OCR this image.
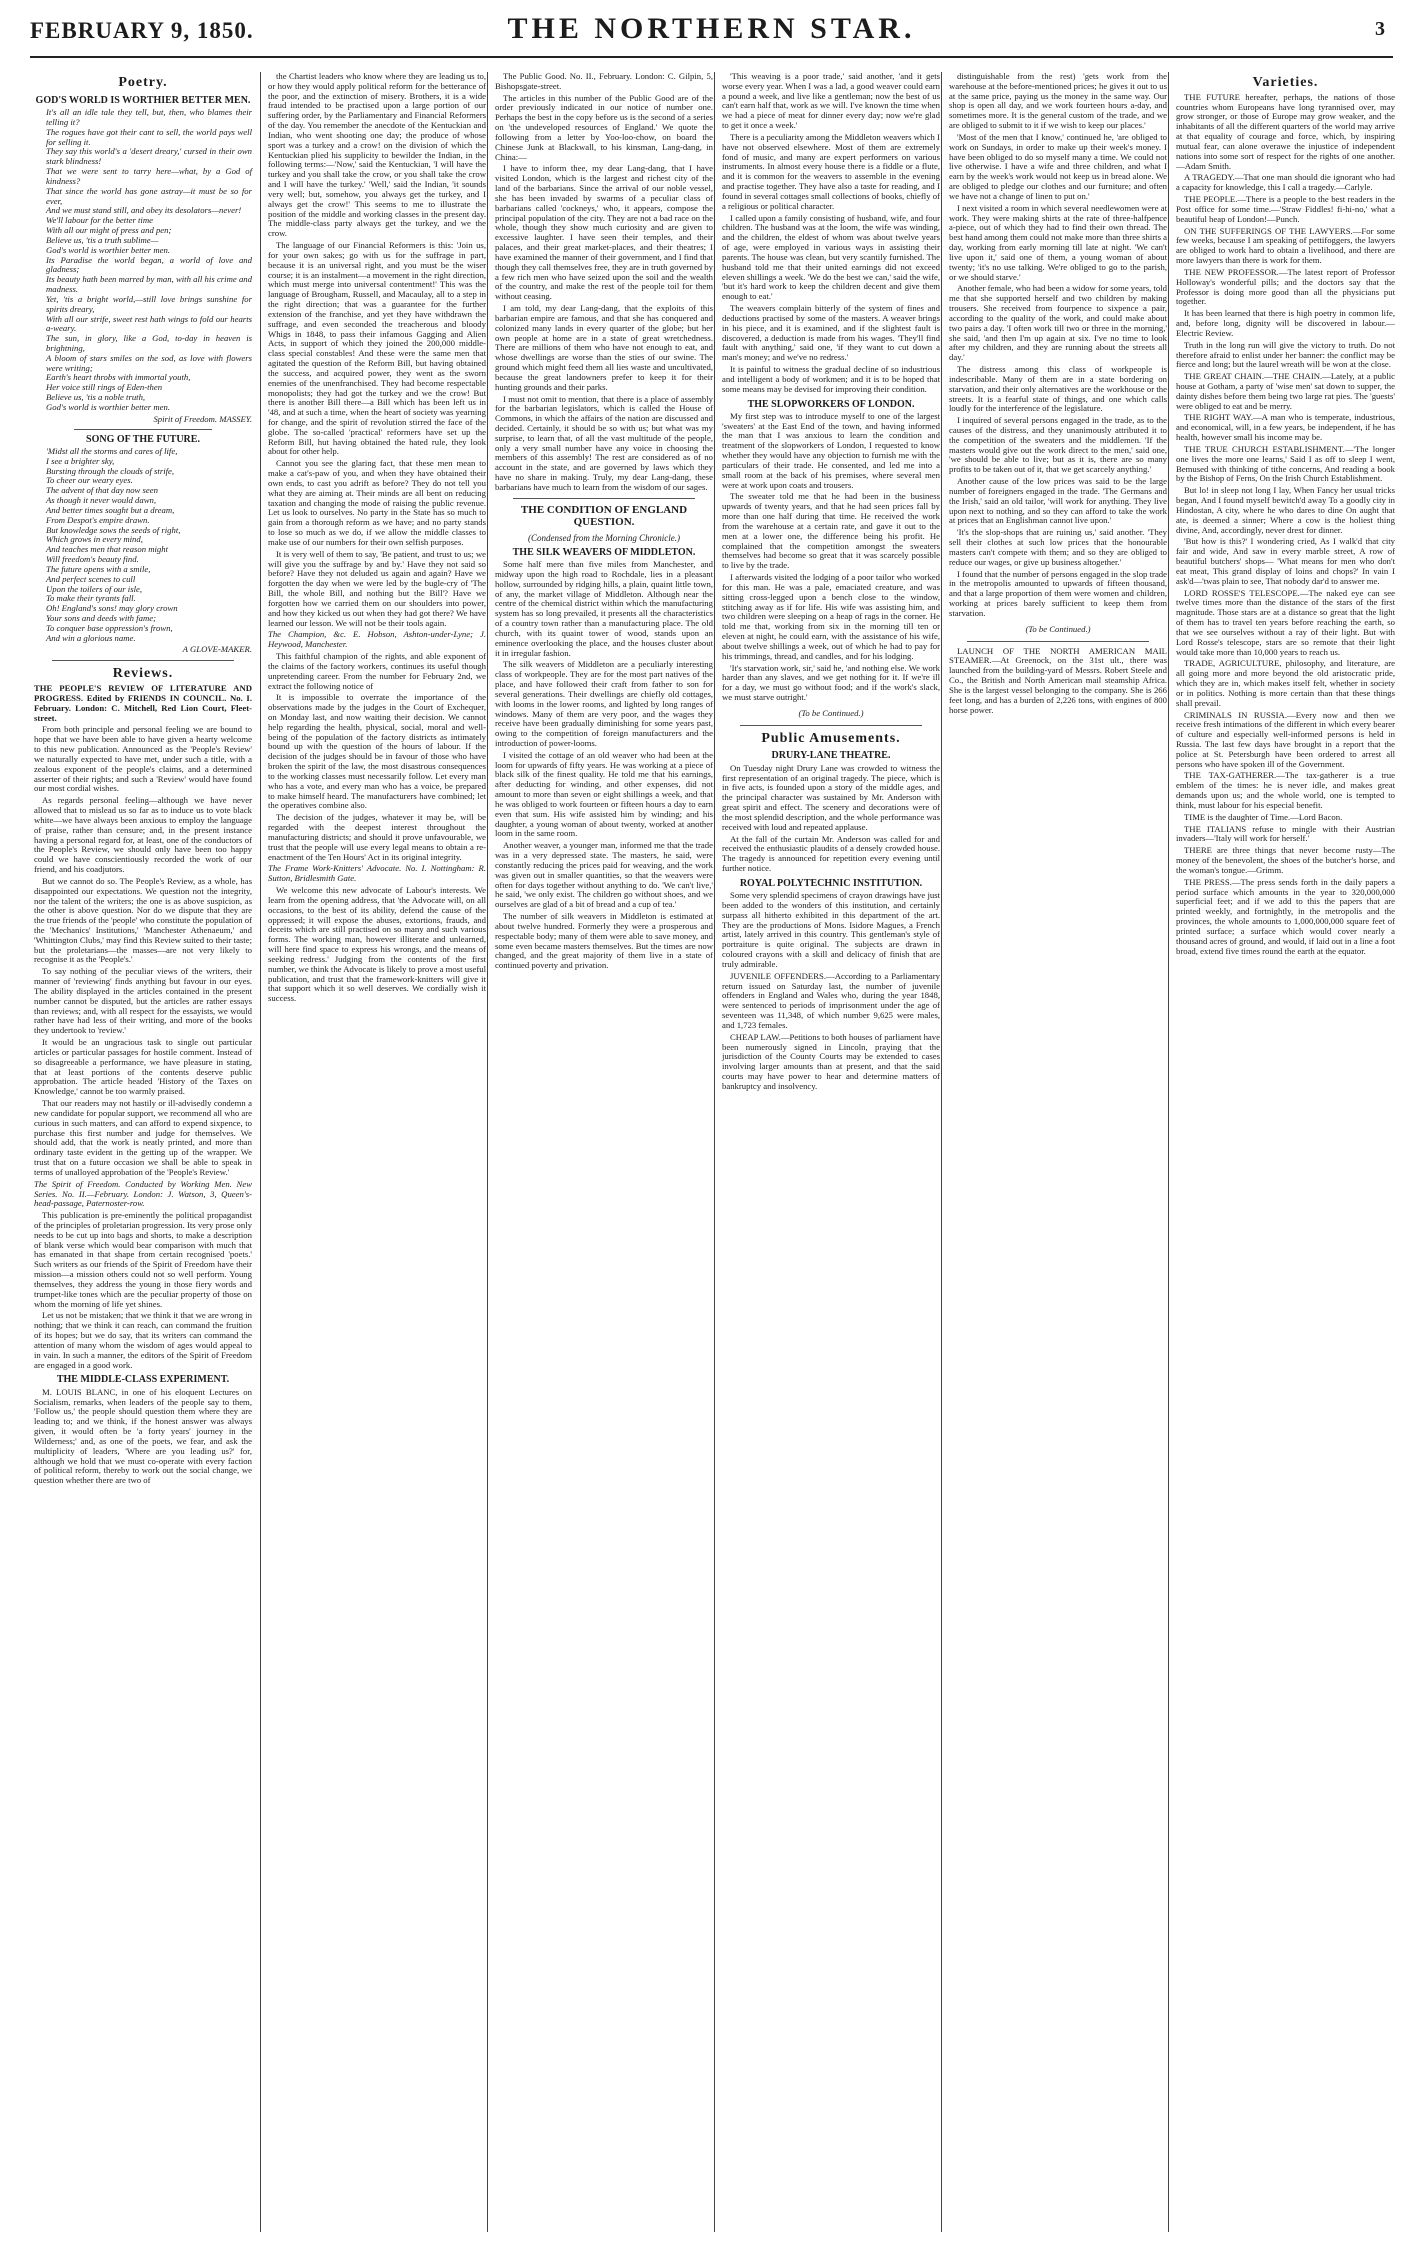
FEBRUARY 9, 1850.	THE NORTHERN STAR.	3
Poetry.
GOD'S WORLD IS WORTHIER BETTER MEN.

It's all an idle tale they tell, but, then, who blames their telling it?

The rogues have got their cant to sell, the world pays well for selling it.

They say this world's a 'desert dreary,' cursed in their own stark blindness!

That we were sent to tarry here—what, by a God of kindness?

That since the world has gone astray—it must be so for ever,

And we must stand still, and obey its desolators—never!

We'll labour for the better time

With all our might of press and pen;

Believe us, 'tis a truth sublime—

God's world is worthier better men.

Its Paradise the world began, a world of love and gladness;

Its beauty hath been marred by man, with all his crime and madness.

Yet, 'tis a bright world,—still love brings sunshine for spirits dreary,

With all our strife, sweet rest hath wings to fold our hearts a-weary.

The sun, in glory, like a God, to-day in heaven is brightning,

A bloom of stars smiles on the sod, as love with flowers were writing;

Earth's heart throbs with immortal youth,

Her voice still rings of Eden-then

Believe us, 'tis a noble truth,

God's world is worthier better men.

Spirit of Freedom. MASSEY.
SONG OF THE FUTURE.

'Midst all the storms and cares of life,

I see a brighter sky,

Bursting through the clouds of strife,

To cheer our weary eyes.

The advent of that day now seen

As though it never would dawn,

And better times sought but a dream,

From Despot's empire drawn.

But knowledge sows the seeds of right,

Which grows in every mind,

And teaches men that reason might

Will freedom's beauty find.

The future opens with a smile,

And perfect scenes to cull

Upon the toilers of our isle,

To make their tyrants fall.

Oh! England's sons! may glory crown

Your sons and deeds with fame;

To conquer base oppression's frown,

And win a glorious name.

A GLOVE-MAKER.
Reviews.

THE PEOPLE'S REVIEW OF LITERATURE AND PROGRESS. Edited by FRIENDS IN COUNCIL. No. I. February. London: C. Mitchell, Red Lion Court, Fleet-street.

From both principle and personal feeling we are bound to hope that we have been able to have given a hearty welcome to this new publication. Announced as the 'People's Review' we naturally expected to have met, under such a title, with a zealous exponent of the people's claims, and a determined asserter of their rights; and such a 'Review' would have found our most cordial wishes.

As regards personal feeling—although we have never allowed that to mislead us so far as to induce us to vote black white—we have always been anxious to employ the language of praise, rather than censure; and, in the present instance having a personal regard for, at least, one of the conductors of the People's Review, we should only have been too happy could we have conscientiously recorded the work of our friend, and his coadjutors.

But we cannot do so. The People's Review, as a whole, has disappointed our expectations. We question not the integrity, nor the talent of the writers; the one is as above suspicion, as the other is above question. Nor do we dispute that they are the true friends of the 'people' who constitute the population of the 'Mechanics' Institutions,' 'Manchester Athenaeum,' and 'Whittington Clubs,' may find this Review suited to their taste; but the proletarians—the masses—are not very likely to recognise it as the 'People's.'

To say nothing of the peculiar views of the writers, their manner of 'reviewing' finds anything but favour in our eyes. The ability displayed in the articles contained in the present number cannot be disputed, but the articles are rather essays than reviews; and, with all respect for the essayists, we would rather have had less of their writing, and more of the books they undertook to 'review.'

It would be an ungracious task to single out particular articles or particular passages for hostile comment. Instead of so disagreeable a performance, we have pleasure in stating, that at least portions of the contents deserve public approbation. The article headed 'History of the Taxes on Knowledge,' cannot be too warmly praised.

That our readers may not hastily or ill-advisedly condemn a new candidate for popular support, we recommend all who are curious in such matters, and can afford to expend sixpence, to purchase this first number and judge for themselves. We should add, that the work is neatly printed, and more than ordinary taste evident in the getting up of the wrapper. We trust that on a future occasion we shall be able to speak in terms of unalloyed approbation of the 'People's Review.'

The Spirit of Freedom. Conducted by Working Men. New Series. No. II.—February. London: J. Watson, 3, Queen's-head-passage, Paternoster-row.

This publication is pre-eminently the political propagandist of the principles of proletarian progression. Its very prose only needs to be cut up into bags and shorts, to make a description of blank verse which would bear comparison with much that has emanated in that shape from certain recognised 'poets.' Such writers as our friends of the Spirit of Freedom have their mission—a mission others could not so well perform. Young themselves, they address the young in those fiery words and trumpet-like tones which are the peculiar property of those on whom the morning of life yet shines.

Let us not be mistaken; that we think it that we are wrong in nothing; that we think it can reach, can command the fruition of its hopes; but we do say, that its writers can command the attention of many whom the wisdom of ages would appeal to in vain. In such a manner, the editors of the Spirit of Freedom are engaged in a good work.

THE MIDDLE-CLASS EXPERIMENT.

M. LOUIS BLANC, in one of his eloquent Lectures on Socialism, remarks, when leaders of the people say to them, 'Follow us,' the people should question them where they are leading to; and we think, if the honest answer was always given, it would often be 'a forty years' journey in the Wilderness;' and, as one of the poets, we fear, and ask the multiplicity of leaders, 'Where are you leading us?' for, although we hold that we must co-operate with every faction of political reform, thereby to work out the social change, we question whether there are two of

the Chartist leaders who know where they are leading us to, or how they would apply political reform for the betterance of the poor, and the extinction of misery. Brothers, it is a wide fraud intended to be practised upon a large portion of our suffering order, by the Parliamentary and Financial Reformers of the day. You remember the anecdote of the Kentuckian and Indian, who went shooting one day; the produce of whose sport was a turkey and a crow! on the division of which the Kentuckian plied his supplicity to bewilder the Indian, in the following terms:—'Now,' said the Kentuckian, 'I will have the turkey and you shall take the crow, or you shall take the crow and I will have the turkey.' 'Well,' said the Indian, 'it sounds very well; but, somehow, you always get the turkey, and I always get the crow!' This seems to me to illustrate the position of the middle and working classes in the present day. The middle-class party always get the turkey, and we the crow.

The language of our Financial Reformers is this: 'Join us, for your own sakes; go with us for the suffrage in part, because it is an universal right, and you must be the wiser course; it is an instalment—a movement in the right direction, which must merge into universal contentment!' This was the language of Brougham, Russell, and Macaulay, all to a step in the right direction; that was a guarantee for the further extension of the franchise, and yet they have withdrawn the suffrage, and even seconded the treacherous and bloody Whigs in 1848, to pass their infamous Gagging and Alien Acts, in support of which they joined the 200,000 middle-class special constables! And these were the same men that agitated the question of the Reform Bill, but having obtained the success, and acquired power, they went as the sworn enemies of the unenfranchised. They had become respectable monopolists; they had got the turkey and we the crow! But there is another Bill there—a Bill which has been left us in '48, and at such a time, when the heart of society was yearning for change, and the spirit of revolution stirred the face of the globe. The so-called 'practical' reformers have set up the Reform Bill, hut having obtained the hated rule, they look about for other help.

Cannot you see the glaring fact, that these men mean to make a cat's-paw of you, and when they have obtained their own ends, to cast you adrift as before? They do not tell you what they are aiming at. Their minds are all bent on reducing taxation and changing the mode of raising the public revenue. Let us look to ourselves. No party in the State has so much to gain from a thorough reform as we have; and no party stands to lose so much as we do, if we allow the middle classes to make use of our numbers for their own selfish purposes.

It is very well of them to say, 'Be patient, and trust to us; we will give you the suffrage by and by.' Have they not said so before? Have they not deluded us again and again? Have we forgotten the day when we were led by the bugle-cry of 'The Bill, the whole Bill, and nothing but the Bill'? Have we forgotten how we carried them on our shoulders into power, and how they kicked us out when they had got there? We have learned our lesson. We will not be their tools again.

The Champion, &c. E. Hobson, Ashton-under-Lyne; J. Heywood, Manchester.

This faithful champion of the rights, and able exponent of the claims of the factory workers, continues its useful though unpretending career. From the number for February 2nd, we extract the following notice of

It is impossible to overrate the importance of the observations made by the judges in the Court of Exchequer, on Monday last, and now waiting their decision. We cannot help regarding the health, physical, social, moral and well-being of the population of the factory districts as intimately bound up with the question of the hours of labour. If the decision of the judges should be in favour of those who have broken the spirit of the law, the most disastrous consequences to the working classes must necessarily follow. Let every man who has a vote, and every man who has a voice, be prepared to make himself heard. The manufacturers have combined; let the operatives combine also.

The decision of the judges, whatever it may be, will be regarded with the deepest interest throughout the manufacturing districts; and should it prove unfavourable, we trust that the people will use every legal means to obtain a re-enactment of the Ten Hours' Act in its original integrity.

The Frame Work-Knitters' Advocate. No. I. Nottingham: R. Sutton, Bridlesmith Gate.

We welcome this new advocate of Labour's interests. We learn from the opening address, that 'the Advocate will, on all occasions, to the best of its ability, defend the cause of the oppressed; it will expose the abuses, extortions, frauds, and deceits which are still practised on so many and such various forms. The working man, however illiterate and unlearned, will here find space to express his wrongs, and the means of seeking redress.' Judging from the contents of the first number, we think the Advocate is likely to prove a most useful publication, and trust that the framework-knitters will give it that support which it so well deserves. We cordially wish it success.

The Public Good. No. II., February. London: C. Gilpin, 5, Bishopsgate-street.

The articles in this number of the Public Good are of the order previously indicated in our notice of number one. Perhaps the best in the copy before us is the second of a series on 'the undeveloped resources of England.' We quote the following from a letter by Yoo-loo-chow, on board the Chinese Junk at Blackwall, to his kinsman, Lang-dang, in China:—

I have to inform thee, my dear Lang-dang, that I have visited London, which is the largest and richest city of the land of the barbarians. Since the arrival of our noble vessel, she has been invaded by swarms of a peculiar class of barbarians called 'cockneys,' who, it appears, compose the principal population of the city. They are not a bad race on the whole, though they show much curiosity and are given to excessive laughter. I have seen their temples, and their palaces, and their great market-places, and their theatres; I have examined the manner of their government, and I find that though they call themselves free, they are in truth governed by a few rich men who have seized upon the soil and the wealth of the country, and make the rest of the people toil for them without ceasing.

I am told, my dear Lang-dang, that the exploits of this barbarian empire are famous, and that she has conquered and colonized many lands in every quarter of the globe; but her own people at home are in a state of great wretchedness. There are millions of them who have not enough to eat, and whose dwellings are worse than the sties of our swine. The ground which might feed them all lies waste and uncultivated, because the great landowners prefer to keep it for their hunting grounds and their parks.

I must not omit to mention, that there is a place of assembly for the barbarian legislators, which is called the House of Commons, in which the affairs of the nation are discussed and decided. Certainly, it should be so with us; but what was my surprise, to learn that, of all the vast multitude of the people, only a very small number have any voice in choosing the members of this assembly! The rest are considered as of no account in the state, and are governed by laws which they have no share in making. Truly, my dear Lang-dang, these barbarians have much to learn from the wisdom of our sages.

THE CONDITION OF ENGLAND QUESTION.
(Condensed from the Morning Chronicle.)
THE SILK WEAVERS OF MIDDLETON.

Some half mere than five miles from Manchester, and midway upon the high road to Rochdale, lies in a pleasant hollow, surrounded by ridging hills, a plain, quaint little town, of any, the market village of Middleton. Although near the centre of the chemical district within which the manufacturing system has so long prevailed, it presents all the characteristics of a country town rather than a manufacturing place. The old church, with its quaint tower of wood, stands upon an eminence overlooking the place, and the houses cluster about it in irregular fashion.

The silk weavers of Middleton are a peculiarly interesting class of workpeople. They are for the most part natives of the place, and have followed their craft from father to son for several generations. Their dwellings are chiefly old cottages, with looms in the lower rooms, and lighted by long ranges of windows. Many of them are very poor, and the wages they receive have been gradually diminishing for some years past, owing to the competition of foreign manufacturers and the introduction of power-looms.

I visited the cottage of an old weaver who had been at the loom for upwards of fifty years. He was working at a piece of black silk of the finest quality. He told me that his earnings, after deducting for winding, and other expenses, did not amount to more than seven or eight shillings a week, and that he was obliged to work fourteen or fifteen hours a day to earn even that sum. His wife assisted him by winding; and his daughter, a young woman of about twenty, worked at another loom in the same room.

Another weaver, a younger man, informed me that the trade was in a very depressed state. The masters, he said, were constantly reducing the prices paid for weaving, and the work was given out in smaller quantities, so that the weavers were often for days together without anything to do. 'We can't live,' he said, 'we only exist. The children go without shoes, and we ourselves are glad of a bit of bread and a cup of tea.'

The number of silk weavers in Middleton is estimated at about twelve hundred. Formerly they were a prosperous and respectable body; many of them were able to save money, and some even became masters themselves. But the times are now changed, and the great majority of them live in a state of continued poverty and privation.

'This weaving is a poor trade,' said another, 'and it gets worse every year. When I was a lad, a good weaver could earn a pound a week, and live like a gentleman; now the best of us can't earn half that, work as we will. I've known the time when we had a piece of meat for dinner every day; now we're glad to get it once a week.'

There is a peculiarity among the Middleton weavers which I have not observed elsewhere. Most of them are extremely fond of music, and many are expert performers on various instruments. In almost every house there is a fiddle or a flute, and it is common for the weavers to assemble in the evening and practise together. They have also a taste for reading, and I found in several cottages small collections of books, chiefly of a religious or political character.

I called upon a family consisting of husband, wife, and four children. The husband was at the loom, the wife was winding, and the children, the eldest of whom was about twelve years of age, were employed in various ways in assisting their parents. The house was clean, but very scantily furnished. The husband told me that their united earnings did not exceed eleven shillings a week. 'We do the best we can,' said the wife, 'but it's hard work to keep the children decent and give them enough to eat.'

The weavers complain bitterly of the system of fines and deductions practised by some of the masters. A weaver brings in his piece, and it is examined, and if the slightest fault is discovered, a deduction is made from his wages. 'They'll find fault with anything,' said one, 'if they want to cut down a man's money; and we've no redress.'

It is painful to witness the gradual decline of so industrious and intelligent a body of workmen; and it is to be hoped that some means may be devised for improving their condition.

THE SLOPWORKERS OF LONDON.

My first step was to introduce myself to one of the largest 'sweaters' at the East End of the town, and having informed the man that I was anxious to learn the condition and treatment of the slopworkers of London, I requested to know whether they would have any objection to furnish me with the particulars of their trade. He consented, and led me into a small room at the back of his premises, where several men were at work upon coats and trousers.

The sweater told me that he had been in the business upwards of twenty years, and that he had seen prices fall by more than one half during that time. He received the work from the warehouse at a certain rate, and gave it out to the men at a lower one, the difference being his profit. He complained that the competition amongst the sweaters themselves had become so great that it was scarcely possible to live by the trade.

I afterwards visited the lodging of a poor tailor who worked for this man. He was a pale, emaciated creature, and was sitting cross-legged upon a bench close to the window, stitching away as if for life. His wife was assisting him, and two children were sleeping on a heap of rags in the corner. He told me that, working from six in the morning till ten or eleven at night, he could earn, with the assistance of his wife, about twelve shillings a week, out of which he had to pay for his trimmings, thread, and candles, and for his lodging.

'It's starvation work, sir,' said he, 'and nothing else. We work harder than any slaves, and we get nothing for it. If we're ill for a day, we must go without food; and if the work's slack, we must starve outright.'

(To be Continued.)
Public Amusements.
DRURY-LANE THEATRE.

On Tuesday night Drury Lane was crowded to witness the first representation of an original tragedy. The piece, which is in five acts, is founded upon a story of the middle ages, and the principal character was sustained by Mr. Anderson with great spirit and effect. The scenery and decorations were of the most splendid description, and the whole performance was received with loud and repeated applause.

At the fall of the curtain Mr. Anderson was called for and received the enthusiastic plaudits of a densely crowded house. The tragedy is announced for repetition every evening until further notice.

ROYAL POLYTECHNIC INSTITUTION.

Some very splendid specimens of crayon drawings have just been added to the wonders of this institution, and certainly surpass all hitherto exhibited in this department of the art. They are the productions of Mons. Isidore Magues, a French artist, lately arrived in this country. This gentleman's style of portraiture is quite original. The subjects are drawn in coloured crayons with a skill and delicacy of finish that are truly admirable.

JUVENILE OFFENDERS.—According to a Parliamentary return issued on Saturday last, the number of juvenile offenders in England and Wales who, during the year 1848, were sentenced to periods of imprisonment under the age of seventeen was 11,348, of which number 9,625 were males, and 1,723 females.

CHEAP LAW.—Petitions to both houses of parliament have been numerously signed in Lincoln, praying that the jurisdiction of the County Courts may be extended to cases involving larger amounts than at present, and that the said courts may have power to hear and determine matters of bankruptcy and insolvency.

distinguishable from the rest) 'gets work from the warehouse at the before-mentioned prices; he gives it out to us at the same price, paying us the money in the same way. Our shop is open all day, and we work fourteen hours a-day, and sometimes more. It is the general custom of the trade, and we are obliged to submit to it if we wish to keep our places.'

'Most of the men that I know,' continued he, 'are obliged to work on Sundays, in order to make up their week's money. I have been obliged to do so myself many a time. We could not live otherwise. I have a wife and three children, and what I earn by the week's work would not keep us in bread alone. We are obliged to pledge our clothes and our furniture; and often we have not a change of linen to put on.'

I next visited a room in which several needlewomen were at work. They were making shirts at the rate of three-halfpence a-piece, out of which they had to find their own thread. The best hand among them could not make more than three shirts a day, working from early morning till late at night. 'We can't live upon it,' said one of them, a young woman of about twenty; 'it's no use talking. We're obliged to go to the parish, or we should starve.'

Another female, who had been a widow for some years, told me that she supported herself and two children by making trousers. She received from fourpence to sixpence a pair, according to the quality of the work, and could make about two pairs a day. 'I often work till two or three in the morning,' she said, 'and then I'm up again at six. I've no time to look after my children, and they are running about the streets all day.'

The distress among this class of workpeople is indescribable. Many of them are in a state bordering on starvation, and their only alternatives are the workhouse or the streets. It is a fearful state of things, and one which calls loudly for the interference of the legislature.

I inquired of several persons engaged in the trade, as to the causes of the distress, and they unanimously attributed it to the competition of the sweaters and the middlemen. 'If the masters would give out the work direct to the men,' said one, 'we should be able to live; but as it is, there are so many profits to be taken out of it, that we get scarcely anything.'

Another cause of the low prices was said to be the large number of foreigners engaged in the trade. 'The Germans and the Irish,' said an old tailor, 'will work for anything. They live upon next to nothing, and so they can afford to take the work at prices that an Englishman cannot live upon.'

'It's the slop-shops that are ruining us,' said another. 'They sell their clothes at such low prices that the honourable masters can't compete with them; and so they are obliged to reduce our wages, or give up business altogether.'

I found that the number of persons engaged in the slop trade in the metropolis amounted to upwards of fifteen thousand, and that a large proportion of them were women and children, working at prices barely sufficient to keep them from starvation.

(To be Continued.)

LAUNCH OF THE NORTH AMERICAN MAIL STEAMER.—At Greenock, on the 31st ult., there was launched from the building-yard of Messrs. Robert Steele and Co., the British and North American mail steamship Africa. She is the largest vessel belonging to the company. She is 266 feet long, and has a burden of 2,226 tons, with engines of 800 horse power.

Varieties.

THE FUTURE hereafter, perhaps, the nations of those countries whom Europeans have long tyrannised over, may grow stronger, or those of Europe may grow weaker, and the inhabitants of all the different quarters of the world may arrive at that equality of courage and force, which, by inspiring mutual fear, can alone overawe the injustice of independent nations into some sort of respect for the rights of one another.—Adam Smith.

A TRAGEDY.—That one man should die ignorant who had a capacity for knowledge, this I call a tragedy.—Carlyle.

THE PEOPLE.—There is a people to the best readers in the Post office for some time.—'Straw Fiddles! fi-hi-no,' what a beautiful heap of London!—Punch.

ON THE SUFFERINGS OF THE LAWYERS.—For some few weeks, because I am speaking of pettifoggers, the lawyers are obliged to work hard to obtain a livelihood, and there are more lawyers than there is work for them.

THE NEW PROFESSOR.—The latest report of Professor Holloway's wonderful pills; and the doctors say that the Professor is doing more good than all the physicians put together.

It has been learned that there is high poetry in common life, and, before long, dignity will be discovered in labour.—Electric Review.

Truth in the long run will give the victory to truth. Do not therefore afraid to enlist under her banner: the conflict may be fierce and long; but the laurel wreath will be won at the close.

THE GREAT CHAIN.—THE CHAIN.—Lately, at a public house at Gotham, a party of 'wise men' sat down to supper, the dainty dishes before them being two large rat pies. The 'guests' were obliged to eat and be merry.

THE RIGHT WAY.—A man who is temperate, industrious, and economical, will, in a few years, be independent, if he has health, however small his income may be.

THE TRUE CHURCH ESTABLISHMENT.—'The longer one lives the more one learns,' Said I as off to sleep I went, Bemused with thinking of tithe concerns, And reading a book by the Bishop of Ferns, On the Irish Church Establishment.

But lo! in sleep not long I lay, When Fancy her usual tricks began, And I found myself bewitch'd away To a goodly city in Hindostan, A city, where he who dares to dine On aught that ate, is deemed a sinner; Where a cow is the holiest thing divine, And, accordingly, never drest for dinner.

'But how is this?' I wondering cried, As I walk'd that city fair and wide, And saw in every marble street, A row of beautiful butchers' shops— 'What means for men who don't eat meat, This grand display of loins and chops?' In vain I ask'd—'twas plain to see, That nobody dar'd to answer me.

LORD ROSSE'S TELESCOPE.—The naked eye can see twelve times more than the distance of the stars of the first magnitude. Those stars are at a distance so great that the light of them has to travel ten years before reaching the earth, so that we see ourselves without a ray of their light. But with Lord Rosse's telescope, stars are so remote that their light would take more than 10,000 years to reach us.

TRADE, AGRICULTURE, philosophy, and literature, are all going more and more beyond the old aristocratic pride, which they are in, which makes itself felt, whether in society or in politics. Nothing is more certain than that these things shall prevail.

CRIMINALS IN RUSSIA.—Every now and then we receive fresh intimations of the different in which every bearer of culture and especially well-informed persons is held in Russia. The last few days have brought in a report that the police at St. Petersburgh have been ordered to arrest all persons who have spoken ill of the Government.

THE TAX-GATHERER.—The tax-gatherer is a true emblem of the times: he is never idle, and makes great demands upon us; and the whole world, one is tempted to think, must labour for his especial benefit.

TIME is the daughter of Time.—Lord Bacon.

THE ITALIANS refuse to mingle with their Austrian invaders—'Italy will work for herself.'

THERE are three things that never become rusty—The money of the benevolent, the shoes of the butcher's horse, and the woman's tongue.—Grimm.

THE PRESS.—The press sends forth in the daily papers a period surface which amounts in the year to 320,000,000 superficial feet; and if we add to this the papers that are printed weekly, and fortnightly, in the metropolis and the provinces, the whole amounts to 1,000,000,000 square feet of printed surface; a surface which would cover nearly a thousand acres of ground, and would, if laid out in a line a foot broad, extend five times round the earth at the equator.
